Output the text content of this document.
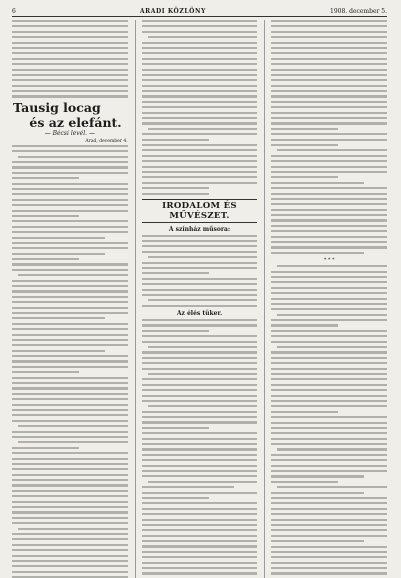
6	ARADI KÖZLÖNY	1908. december 5.
Tausig locag
és az elefánt.
— Bécsi levél. —
Arad, december 4.
IRODALOM ÉS MŰVÉSZET.
A színház műsora:
Az élés tüker.
* * *
